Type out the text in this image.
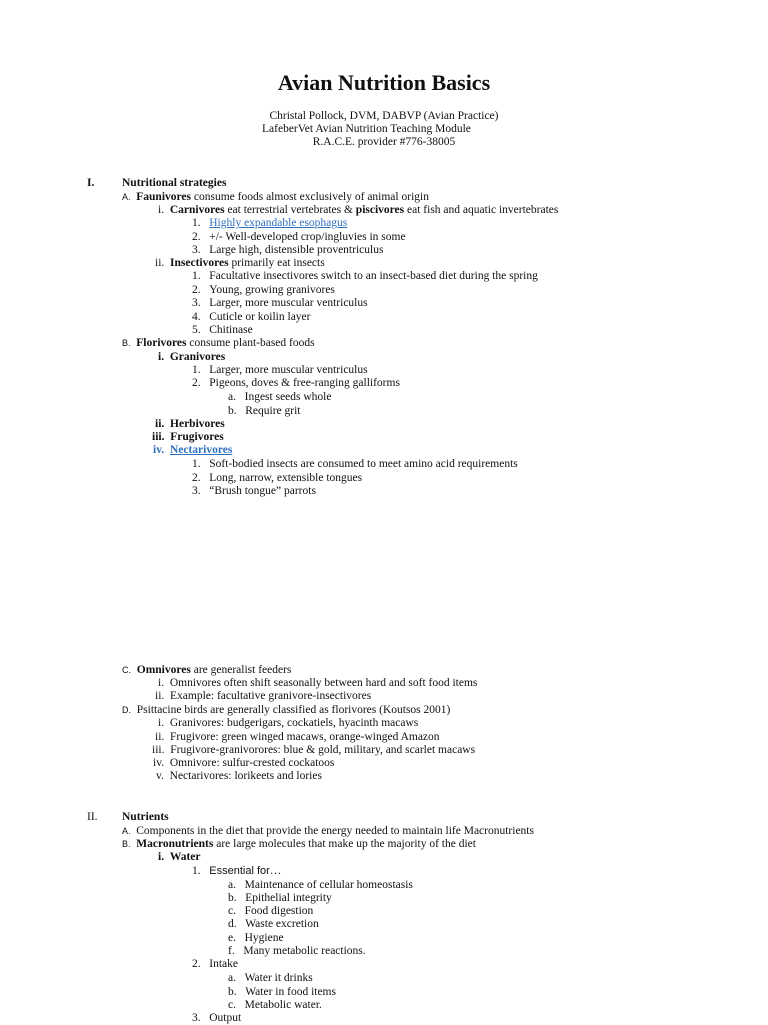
Avian Nutrition Basics
Christal Pollock, DVM, DABVP (Avian Practice)
LafeberVet Avian Nutrition Teaching Module
R.A.C.E. provider #776-38005
I. Nutritional strategies
A. Faunivores consume foods almost exclusively of animal origin
i. Carnivores eat terrestrial vertebrates & piscivores eat fish and aquatic invertebrates
1. Highly expandable esophagus
2. +/- Well-developed crop/ingluvies in some
3. Large high, distensible proventriculus
ii. Insectivores primarily eat insects
1. Facultative insectivores switch to an insect-based diet during the spring
2. Young, growing granivores
3. Larger, more muscular ventriculus
4. Cuticle or koilin layer
5. Chitinase
B. Florivores consume plant-based foods
i. Granivores
1. Larger, more muscular ventriculus
2. Pigeons, doves & free-ranging galliforms
a. Ingest seeds whole
b. Require grit
ii. Herbivores
iii. Frugivores
iv. Nectarivores
1. Soft-bodied insects are consumed to meet amino acid requirements
2. Long, narrow, extensible tongues
3. “Brush tongue” parrots
C. Omnivores are generalist feeders
i. Omnivores often shift seasonally between hard and soft food items
ii. Example: facultative granivore-insectivores
D. Psittacine birds are generally classified as florivores (Koutsos 2001)
i. Granivores: budgerigars, cockatiels, hyacinth macaws
ii. Frugivore: green winged macaws, orange-winged Amazon
iii. Frugivore-granivorores: blue & gold, military, and scarlet macaws
iv. Omnivore: sulfur-crested cockatoos
v. Nectarivores: lorikeets and lories
II. Nutrients
A. Components in the diet that provide the energy needed to maintain life Macronutrients
B. Macronutrients are large molecules that make up the majority of the diet
i. Water
1. Essential for…
a. Maintenance of cellular homeostasis
b. Epithelial integrity
c. Food digestion
d. Waste excretion
e. Hygiene
f. Many metabolic reactions.
2. Intake
a. Water it drinks
b. Water in food items
c. Metabolic water.
3. Output
